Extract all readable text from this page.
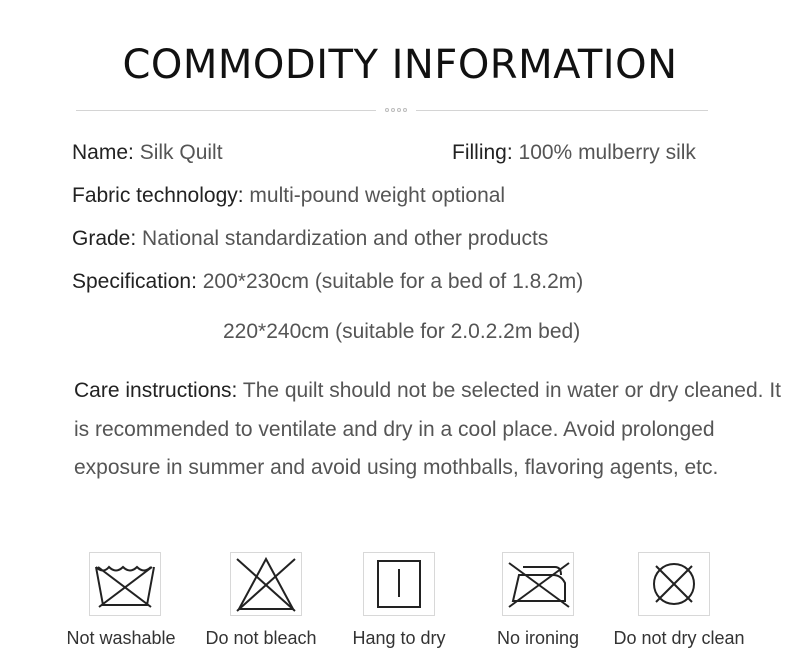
COMMODITY INFORMATION
Name: Silk Quilt	Filling: 100% mulberry silk
Fabric technology: multi-pound weight optional
Grade: National standardization and other products
Specification: 200*230cm (suitable for a bed of 1.8.2m)
220*240cm (suitable for 2.0.2.2m bed)
Care instructions: The quilt should not be selected in water or dry cleaned. It is recommended to ventilate and dry in a cool place. Avoid prolonged exposure in summer and avoid using mothballs, flavoring agents, etc.
Not washable	Do not bleach	Hang to dry	No ironing	Do not dry clean
